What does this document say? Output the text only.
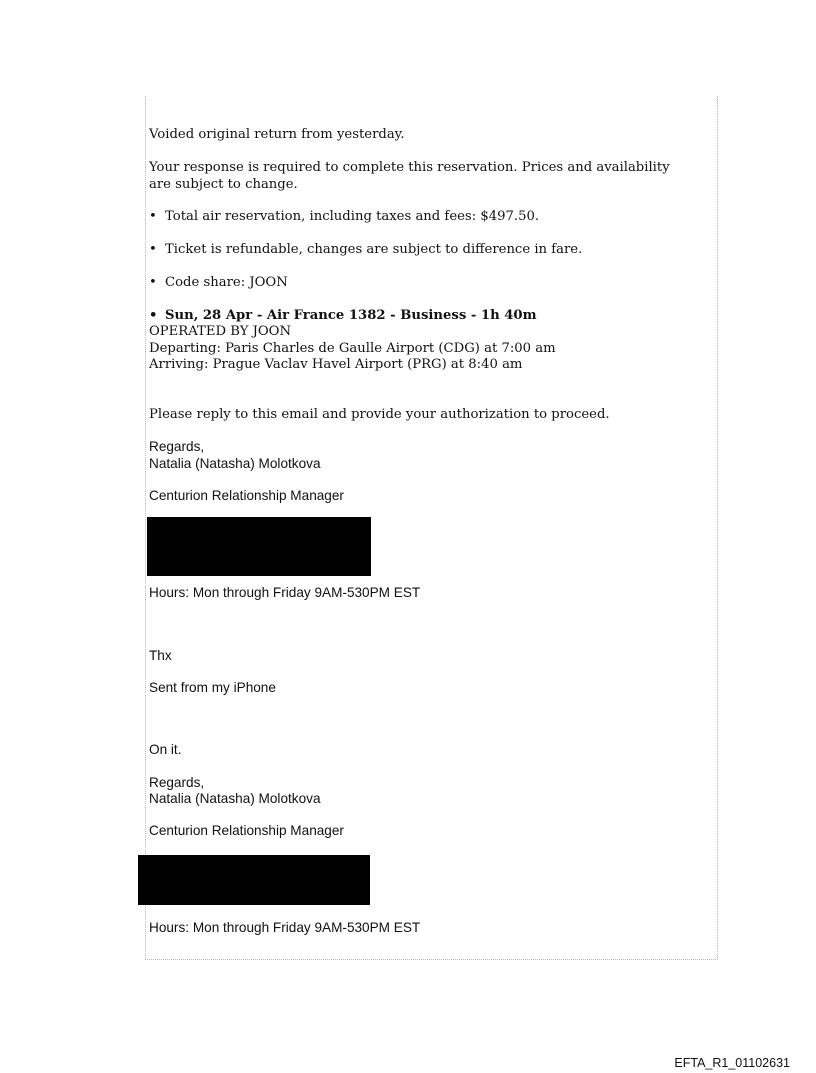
Voided original return from yesterday.

Your response is required to complete this reservation. Prices and availability

are subject to change.

• Total air reservation, including taxes and fees: $497.50.

• Ticket is refundable, changes are subject to difference in fare.

• Code share: JOON

• Sun, 28 Apr - Air France 1382 - Business - 1h 40m

OPERATED BY JOON

Departing: Paris Charles de Gaulle Airport (CDG) at 7:00 am

Arriving: Prague Vaclav Havel Airport (PRG) at 8:40 am

Please reply to this email and provide your authorization to proceed.

Regards,

Natalia (Natasha) Molotkova

Centurion Relationship Manager

Hours: Mon through Friday 9AM-530PM EST

Thx

Sent from my iPhone

On it.

Regards,

Natalia (Natasha) Molotkova

Centurion Relationship Manager

Hours: Mon through Friday 9AM-530PM EST

EFTA_R1_01102631
